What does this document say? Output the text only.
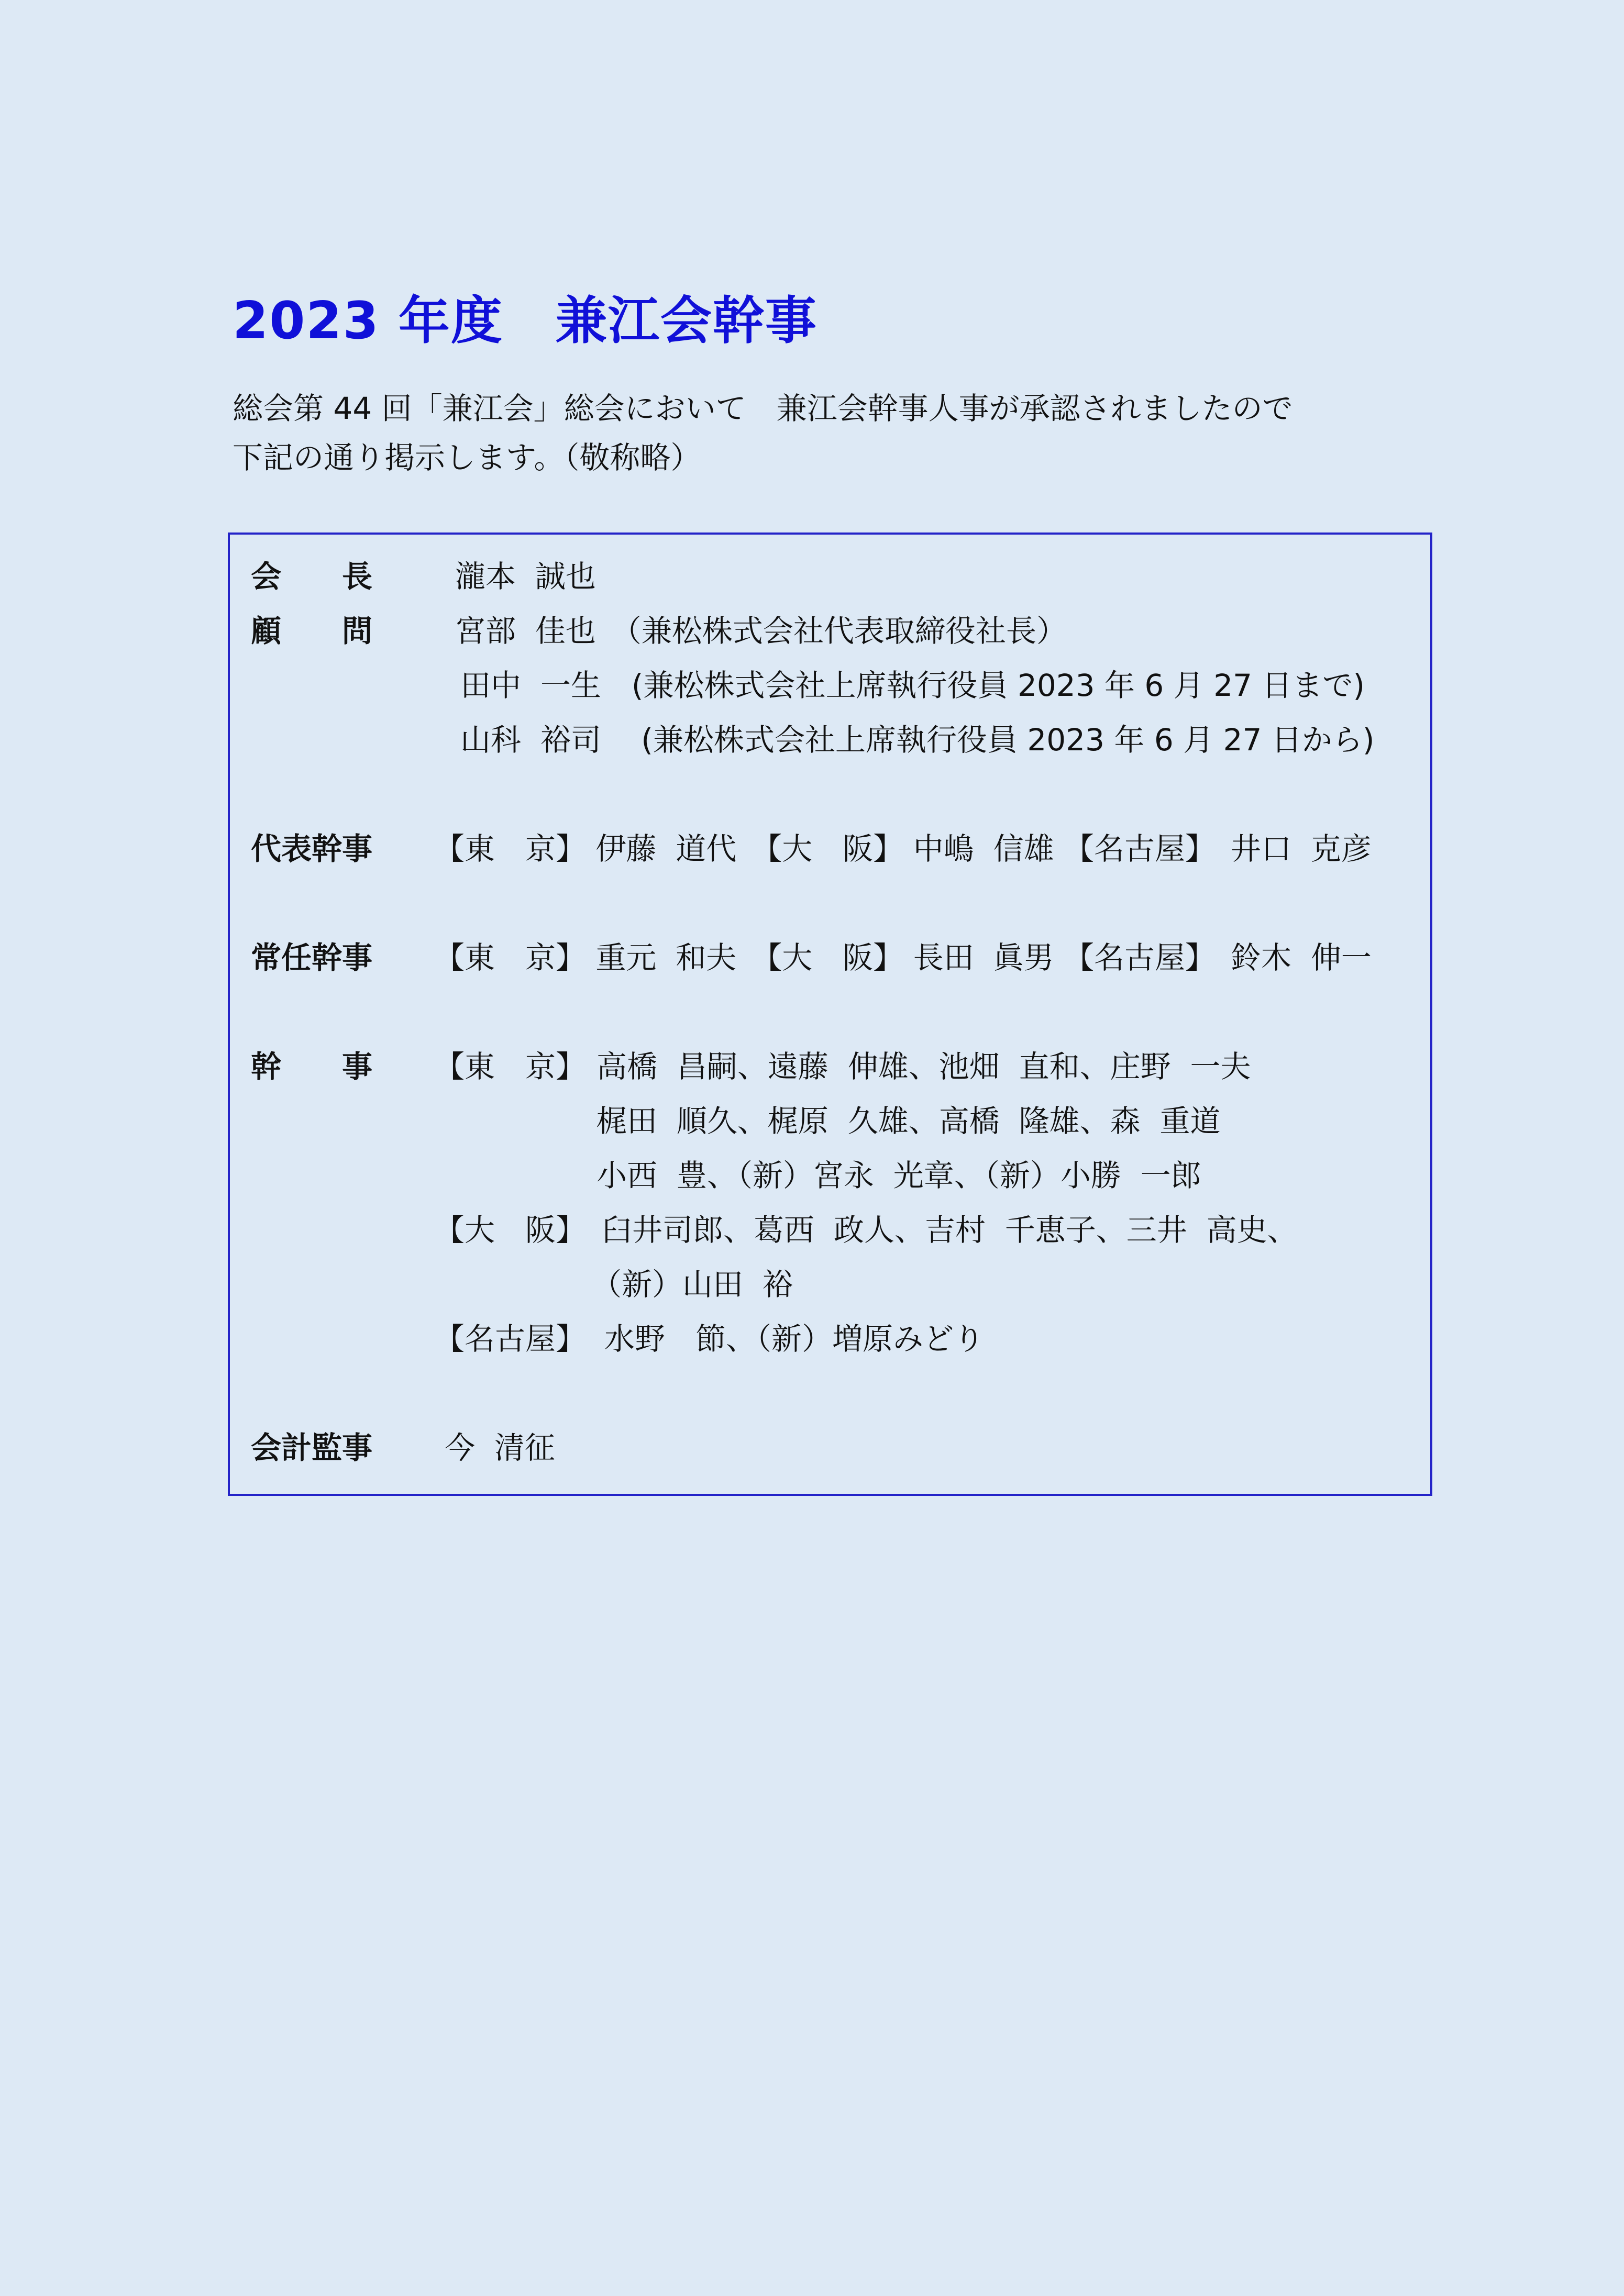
2023 年度　兼江会幹事
総会第 44 回「兼江会」総会において　兼江会幹事人事が承認されましたので
下記の通り掲示します。（敬称略）
会　　長	瀧本  誠也
顧　　問	宮部  佳也　（兼松株式会社代表取締役社長）
田中  一生　(兼松株式会社上席執行役員 2023 年 6 月 27 日まで)
山科  裕司　 (兼松株式会社上席執行役員 2023 年 6 月 27 日から)
代表幹事 【東　京】 伊藤  道代　【大　阪】 中嶋  信雄 【名古屋】　井口  克彦
常任幹事 【東　京】 重元  和夫　【大　阪】 長田  眞男 【名古屋】　鈴木  伸一
幹　　事 【東　京】 高橋  昌嗣、遠藤  伸雄、池畑  直和、庄野  一夫
梶田  順久、梶原  久雄、高橋  隆雄、森  重道
小西  豊、（新）宮永  光章、（新）小勝  一郎
【大　阪】 臼井司郎、葛西  政人、吉村  千恵子、三井  高史、
（新）山田  裕
【名古屋】 水野　節、（新）増原みどり
会計監事 今  清征
